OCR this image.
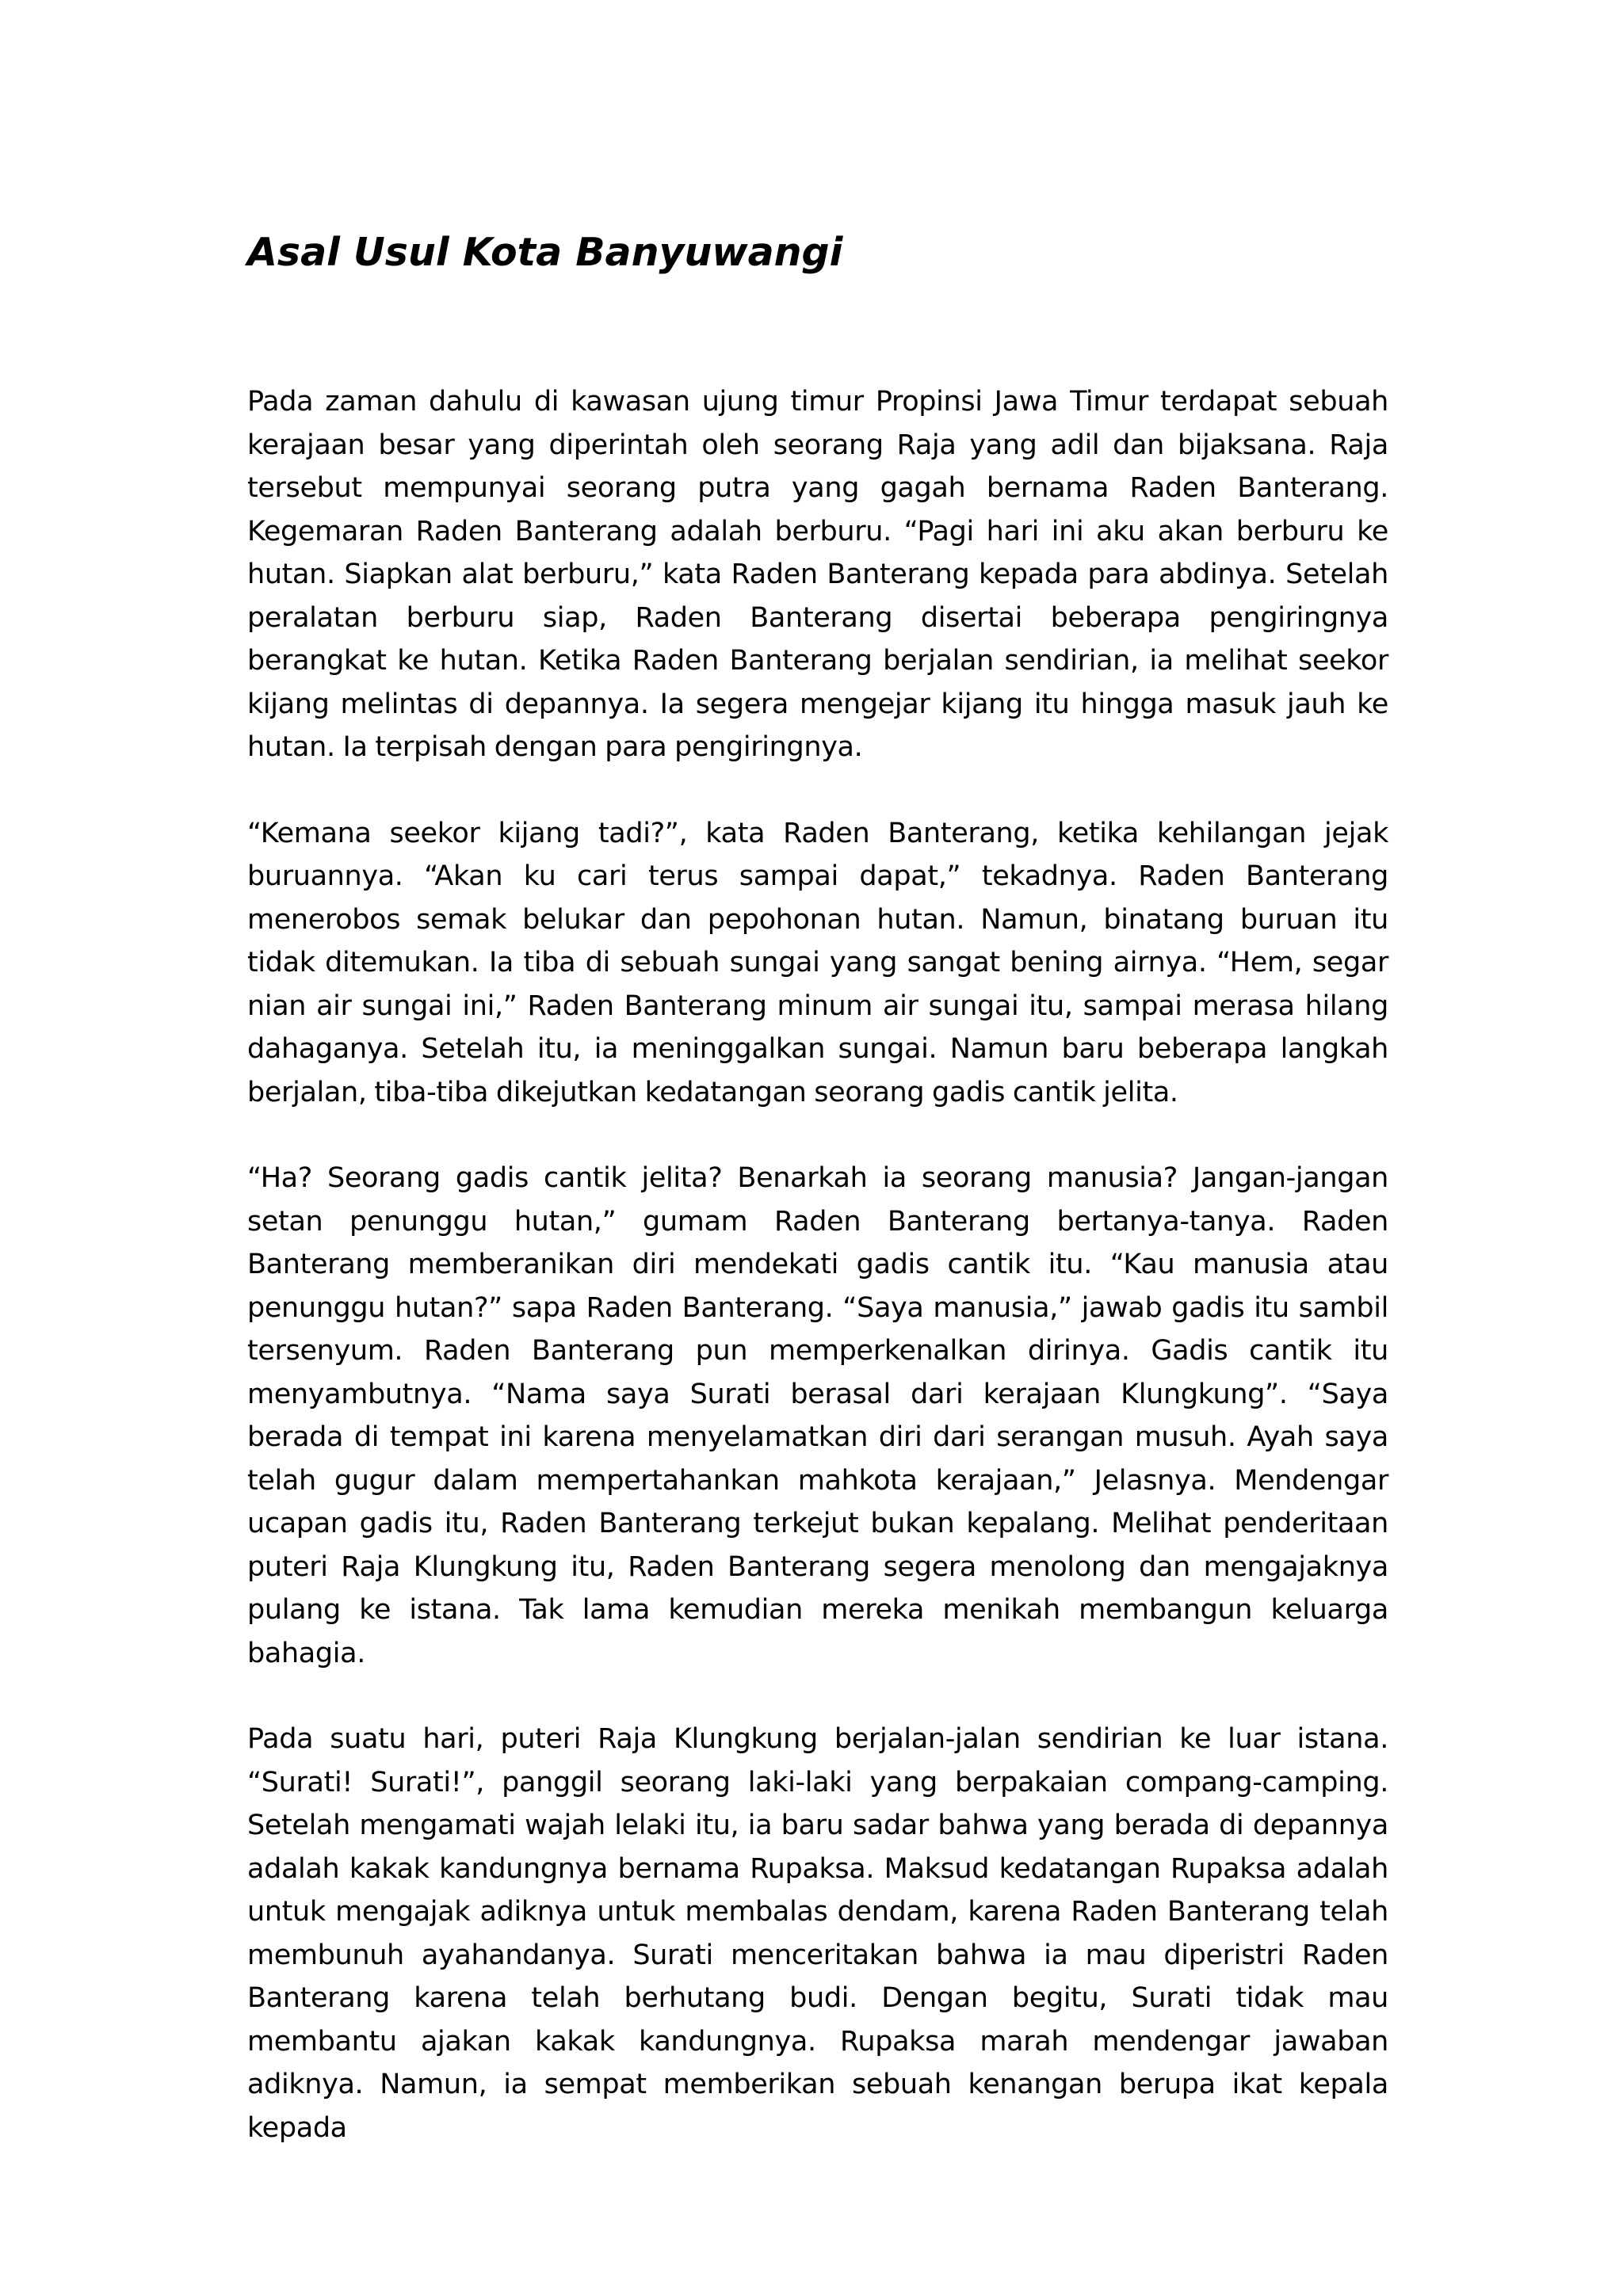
Asal Usul Kota Banyuwangi

Pada zaman dahulu di kawasan ujung timur Propinsi Jawa Timur terdapat sebuah kerajaan besar yang diperintah oleh seorang Raja yang adil dan bijaksana. Raja tersebut mempunyai seorang putra yang gagah bernama Raden Banterang. Kegemaran Raden Banterang adalah berburu. “Pagi hari ini aku akan berburu ke hutan. Siapkan alat berburu,” kata Raden Banterang kepada para abdinya. Setelah peralatan berburu siap, Raden Banterang disertai beberapa pengiringnya berangkat ke hutan. Ketika Raden Banterang berjalan sendirian, ia melihat seekor kijang melintas di depannya. Ia segera mengejar kijang itu hingga masuk jauh ke hutan. Ia terpisah dengan para pengiringnya.

“Kemana seekor kijang tadi?”, kata Raden Banterang, ketika kehilangan jejak buruannya. “Akan ku cari terus sampai dapat,” tekadnya. Raden Banterang menerobos semak belukar dan pepohonan hutan. Namun, binatang buruan itu tidak ditemukan. Ia tiba di sebuah sungai yang sangat bening airnya. “Hem, segar nian air sungai ini,” Raden Banterang minum air sungai itu, sampai merasa hilang dahaganya. Setelah itu, ia meninggalkan sungai. Namun baru beberapa langkah berjalan, tiba-tiba dikejutkan kedatangan seorang gadis cantik jelita.

“Ha? Seorang gadis cantik jelita? Benarkah ia seorang manusia? Jangan-jangan setan penunggu hutan,” gumam Raden Banterang bertanya-tanya. Raden Banterang memberanikan diri mendekati gadis cantik itu. “Kau manusia atau penunggu hutan?” sapa Raden Banterang. “Saya manusia,” jawab gadis itu sambil tersenyum. Raden Banterang pun memperkenalkan dirinya. Gadis cantik itu menyambutnya. “Nama saya Surati berasal dari kerajaan Klungkung”. “Saya berada di tempat ini karena menyelamatkan diri dari serangan musuh. Ayah saya telah gugur dalam mempertahankan mahkota kerajaan,” Jelasnya. Mendengar ucapan gadis itu, Raden Banterang terkejut bukan kepalang. Melihat penderitaan puteri Raja Klungkung itu, Raden Banterang segera menolong dan mengajaknya pulang ke istana. Tak lama kemudian mereka menikah membangun keluarga bahagia.

Pada suatu hari, puteri Raja Klungkung berjalan-jalan sendirian ke luar istana. “Surati! Surati!”, panggil seorang laki-laki yang berpakaian compang-camping. Setelah mengamati wajah lelaki itu, ia baru sadar bahwa yang berada di depannya adalah kakak kandungnya bernama Rupaksa. Maksud kedatangan Rupaksa adalah untuk mengajak adiknya untuk membalas dendam, karena Raden Banterang telah membunuh ayahandanya. Surati menceritakan bahwa ia mau diperistri Raden Banterang karena telah berhutang budi. Dengan begitu, Surati tidak mau membantu ajakan kakak kandungnya. Rupaksa marah mendengar jawaban adiknya. Namun, ia sempat memberikan sebuah kenangan berupa ikat kepala kepada
